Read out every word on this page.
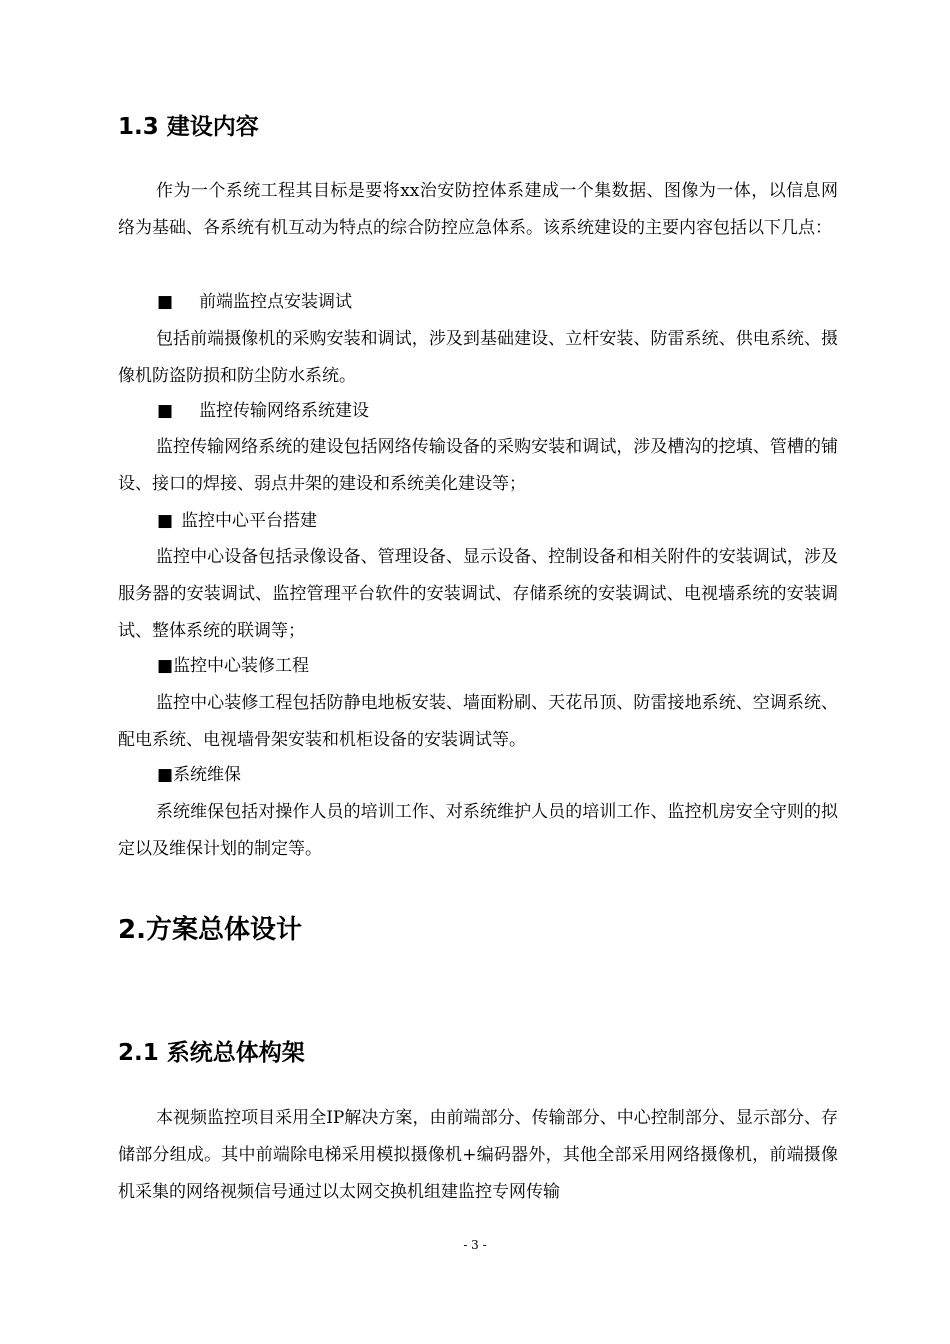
1.3 建设内容

作为一个系统工程其目标是要将xx治安防控体系建成一个集数据、图像为一体，以信息网络为基础、各系统有机互动为特点的综合防控应急体系。该系统建设的主要内容包括以下几点：

■ 前端监控点安装调试

包括前端摄像机的采购安装和调试，涉及到基础建设、立杆安装、防雷系统、供电系统、摄像机防盗防损和防尘防水系统。

■ 监控传输网络系统建设

监控传输网络系统的建设包括网络传输设备的采购安装和调试，涉及槽沟的挖填、管槽的铺设、接口的焊接、弱点井架的建设和系统美化建设等；

■ 监控中心平台搭建

监控中心设备包括录像设备、管理设备、显示设备、控制设备和相关附件的安装调试，涉及服务器的安装调试、监控管理平台软件的安装调试、存储系统的安装调试、电视墙系统的安装调试、整体系统的联调等；

■监控中心装修工程

监控中心装修工程包括防静电地板安装、墙面粉刷、天花吊顶、防雷接地系统、空调系统、配电系统、电视墙骨架安装和机柜设备的安装调试等。

■系统维保

系统维保包括对操作人员的培训工作、对系统维护人员的培训工作、监控机房安全守则的拟定以及维保计划的制定等。

2.方案总体设计
2.1 系统总体构架

本视频监控项目采用全IP解决方案，由前端部分、传输部分、中心控制部分、显示部分、存储部分组成。其中前端除电梯采用模拟摄像机+编码器外，其他全部采用网络摄像机，前端摄像机采集的网络视频信号通过以太网交换机组建监控专网传输

- 3 -
